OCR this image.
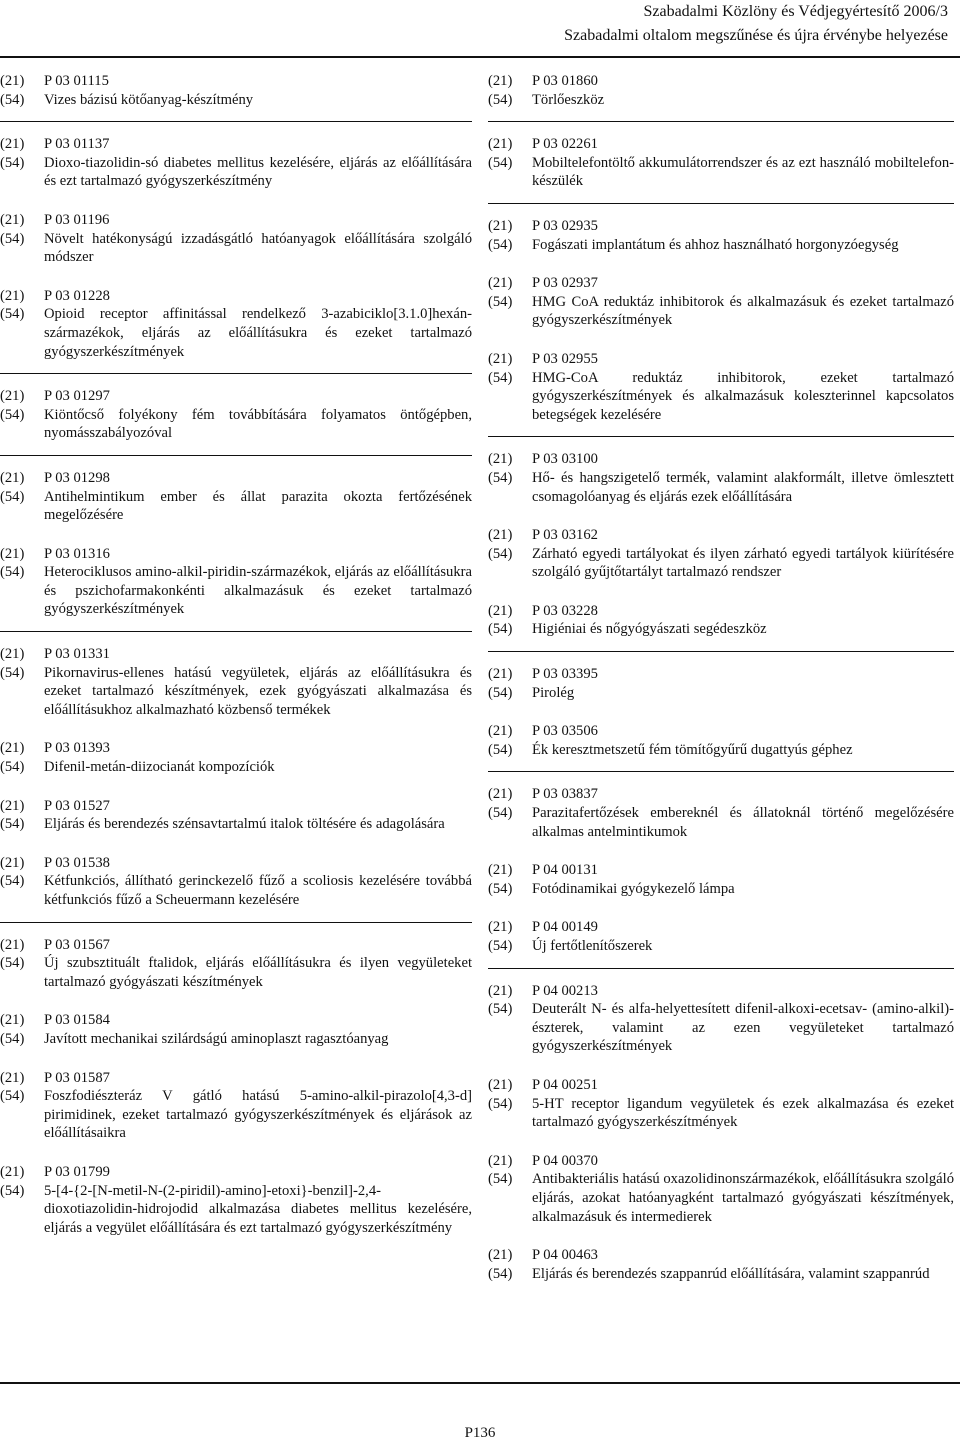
Szabadalmi Közlöny és Védjegyértesítő 2006/3
Szabadalmi oltalom megszűnése és újra érvénybe helyezése
(21)	P 03 01115
(54)	Vizes bázisú kötőanyag-készítmény
(21)	P 03 01137
(54)	Dioxo-tiazolidin-só diabetes mellitus kezelésére, eljárás az előállítására és ezt tartalmazó gyógyszerkészítmény
(21)	P 03 01196
(54)	Növelt hatékonyságú izzadásgátló hatóanyagok előállítására szolgáló módszer
(21)	P 03 01228
(54)	Opioid receptor affinitással rendelkező 3-azabiciklo[3.1.0]hexán-származékok, eljárás az előállításukra és ezeket tartalmazó gyógyszerkészítmények
(21)	P 03 01297
(54)	Kiöntőcső folyékony fém továbbítására folyamatos öntőgépben, nyomásszabályozóval
(21)	P 03 01298
(54)	Antihelmintikum ember és állat parazita okozta fertőzésének megelőzésére
(21)	P 03 01316
(54)	Heterociklusos amino-alkil-piridin-származékok, eljárás az előállításukra és pszichofarmakonkénti alkalmazásuk és ezeket tartalmazó gyógyszerkészítmények
(21)	P 03 01331
(54)	Pikornavirus-ellenes hatású vegyületek, eljárás az előállításukra és ezeket tartalmazó készítmények, ezek gyógyászati alkalmazása és előállításukhoz alkalmazható közbenső termékek
(21)	P 03 01393
(54)	Difenil-metán-diizocianát kompozíciók
(21)	P 03 01527
(54)	Eljárás és berendezés szénsavtartalmú italok töltésére és adagolására
(21)	P 03 01538
(54)	Kétfunkciós, állítható gerinckezelő fűző a scoliosis kezelésére továbbá kétfunkciós fűző a Scheuermann kezelésére
(21)	P 03 01567
(54)	Új szubsztituált ftalidok, eljárás előállításukra és ilyen vegyületeket tartalmazó gyógyászati készítmények
(21)	P 03 01584
(54)	Javított mechanikai szilárdságú aminoplaszt ragasztóanyag
(21)	P 03 01587
(54)	Foszfodiészteráz V gátló hatású 5-amino-alkil-pirazolo[4,3-d] pirimidinek, ezeket tartalmazó gyógyszerkészítmények és eljárások az előállításaikra
(21)	P 03 01799
(54)	5-[4-{2-[N-metil-N-(2-piridil)-amino]-etoxi}-benzil]-2,4-dioxotiazolidin-hidrojodid alkalmazása diabetes mellitus kezelésére, eljárás a vegyület előállítására és ezt tartalmazó gyógyszerkészítmény
(21)	P 03 01860
(54)	Törlőeszköz
(21)	P 03 02261
(54)	Mobiltelefontöltő akkumulátorrendszer és az ezt használó mobiltelefon-készülék
(21)	P 03 02935
(54)	Fogászati implantátum és ahhoz használható horgonyzóegység
(21)	P 03 02937
(54)	HMG CoA reduktáz inhibitorok és alkalmazásuk és ezeket tartalmazó gyógyszerkészítmények
(21)	P 03 02955
(54)	HMG-CoA reduktáz inhibitorok, ezeket tartalmazó gyógyszerkészítmények és alkalmazásuk koleszterinnel kapcsolatos betegségek kezelésére
(21)	P 03 03100
(54)	Hő- és hangszigetelő termék, valamint alakformált, illetve ömlesztett csomagolóanyag és eljárás ezek előállítására
(21)	P 03 03162
(54)	Zárható egyedi tartályokat és ilyen zárható egyedi tartályok kiürítésére szolgáló gyűjtőtartályt tartalmazó rendszer
(21)	P 03 03228
(54)	Higiéniai és nőgyógyászati segédeszköz
(21)	P 03 03395
(54)	Pirolég
(21)	P 03 03506
(54)	Ék keresztmetszetű fém tömítőgyűrű dugattyús géphez
(21)	P 03 03837
(54)	Parazitafertőzések embereknél és állatoknál történő megelőzésére alkalmas antelmintikumok
(21)	P 04 00131
(54)	Fotódinamikai gyógykezelő lámpa
(21)	P 04 00149
(54)	Új fertőtlenítőszerek
(21)	P 04 00213
(54)	Deuterált N- és alfa-helyettesített difenil-alkoxi-ecetsav- (amino-alkil)-észterek, valamint az ezen vegyületeket tartalmazó gyógyszerkészítmények
(21)	P 04 00251
(54)	5-HT receptor ligandum vegyületek és ezek alkalmazása és ezeket tartalmazó gyógyszerkészítmények
(21)	P 04 00370
(54)	Antibakteriális hatású oxazolidinonszármazékok, előállításukra szolgáló eljárás, azokat hatóanyagként tartalmazó gyógyászati készítmények, alkalmazásuk és intermedierek
(21)	P 04 00463
(54)	Eljárás és berendezés szappanrúd előállítására, valamint szappanrúd
P136
